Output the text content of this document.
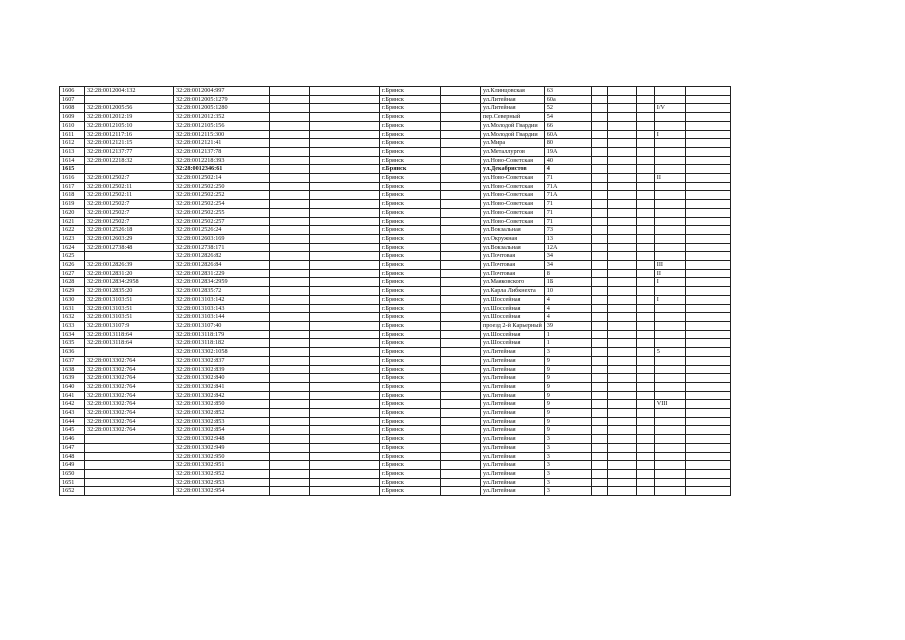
1606	32:28:0012004:132	32:28:0012004:997			г.Брянск		ул.Клинцовская	63					
1607		32:28:0012005:1279			г.Брянск		ул.Литейная	60а					
1608	32:28:0012005:56	32:28:0012005:1280			г.Брянск		ул.Литейная	52				I/V	
1609	32:28:0012012:19	32:28:0012012:352			г.Брянск		пер.Северный	54					
1610	32:28:0012105:10	32:28:0012105:156			г.Брянск		ул.Молодой Гвардии	66					
1611	32:28:0012117:16	32:28:0012115:300			г.Брянск		ул.Молодой Гвардии	60А				I	
1612	32:28:0012121:15	32:28:0012121:41			г.Брянск		ул.Мира	80					
1613	32:28:0012137:77	32:28:0012137:78			г.Брянск		ул.Металлургов	19А					
1614	32:28:0012218:32	32:28:0012218:393			г.Брянск		ул.Ново-Советская	40					
1615		32:28:0012346:61			г.Брянск		ул.Декабристов	4					
1616	32:28:0012502:7	32:28:0012502:14			г.Брянск		ул.Ново-Советская	71				II	
1617	32:28:0012502:11	32:28:0012502:250			г.Брянск		ул.Ново-Советская	71А					
1618	32:28:0012502:11	32:28:0012502:252			г.Брянск		ул.Ново-Советская	71А					
1619	32:28:0012502:7	32:28:0012502:254			г.Брянск		ул.Ново-Советская	71					
1620	32:28:0012502:7	32:28:0012502:255			г.Брянск		ул.Ново-Советская	71					
1621	32:28:0012502:7	32:28:0012502:257			г.Брянск		ул.Ново-Советская	71					
1622	32:28:0012526:18	32:28:0012526:24			г.Брянск		ул.Вокзальная	73					
1623	32:28:0012603:29	32:28:0012603:169			г.Брянск		ул.Окружная	13					
1624	32:28:0012738:48	32:28:0012738:171			г.Брянск		ул.Вокзальная	12А					
1625		32:28:0012826:82			г.Брянск		ул.Почтовая	34					
1626	32:28:0012826:39	32:28:0012826:84			г.Брянск		ул.Почтовая	34				III	
1627	32:28:0012831:20	32:28:0012831:229			г.Брянск		ул.Почтовая	8				II	
1628	32:28:0012834:2958	32:28:0012834:2959			г.Брянск		ул.Маяковского	1Б				I	
1629	32:28:0012835:20	32:28:0012835:72			г.Брянск		ул.Карла Либкнехта	10					
1630	32:28:0013103:51	32:28:0013103:142			г.Брянск		ул.Шоссейная	4				I	
1631	32:28:0013103:51	32:28:0013103:143			г.Брянск		ул.Шоссейная	4					
1632	32:28:0013103:51	32:28:0013103:144			г.Брянск		ул.Шоссейная	4					
1633	32:28:0013107:9	32:28:0013107:40			г.Брянск		проезд 2-й Карьерный	39					
1634	32:28:0013118:64	32:28:0013118:179			г.Брянск		ул.Шоссейная	1					
1635	32:28:0013118:64	32:28:0013118:182			г.Брянск		ул.Шоссейная	1					
1636		32:28:0013302:1058			г.Брянск		ул.Литейная	3				5	
1637	32:28:0013302:764	32:28:0013302:837			г.Брянск		ул.Литейная	9					
1638	32:28:0013302:764	32:28:0013302:839			г.Брянск		ул.Литейная	9					
1639	32:28:0013302:764	32:28:0013302:840			г.Брянск		ул.Литейная	9					
1640	32:28:0013302:764	32:28:0013302:841			г.Брянск		ул.Литейная	9					
1641	32:28:0013302:764	32:28:0013302:842			г.Брянск		ул.Литейная	9					
1642	32:28:0013302:764	32:28:0013302:850			г.Брянск		ул.Литейная	9				VIII	
1643	32:28:0013302:764	32:28:0013302:852			г.Брянск		ул.Литейная	9					
1644	32:28:0013302:764	32:28:0013302:853			г.Брянск		ул.Литейная	9					
1645	32:28:0013302:764	32:28:0013302:854			г.Брянск		ул.Литейная	9					
1646		32:28:0013302:948			г.Брянск		ул.Литейная	3					
1647		32:28:0013302:949			г.Брянск		ул.Литейная	3					
1648		32:28:0013302:950			г.Брянск		ул.Литейная	3					
1649		32:28:0013302:951			г.Брянск		ул.Литейная	3					
1650		32:28:0013302:952			г.Брянск		ул.Литейная	3					
1651		32:28:0013302:953			г.Брянск		ул.Литейная	3					
1652		32:28:0013302:954			г.Брянск		ул.Литейная	3					
